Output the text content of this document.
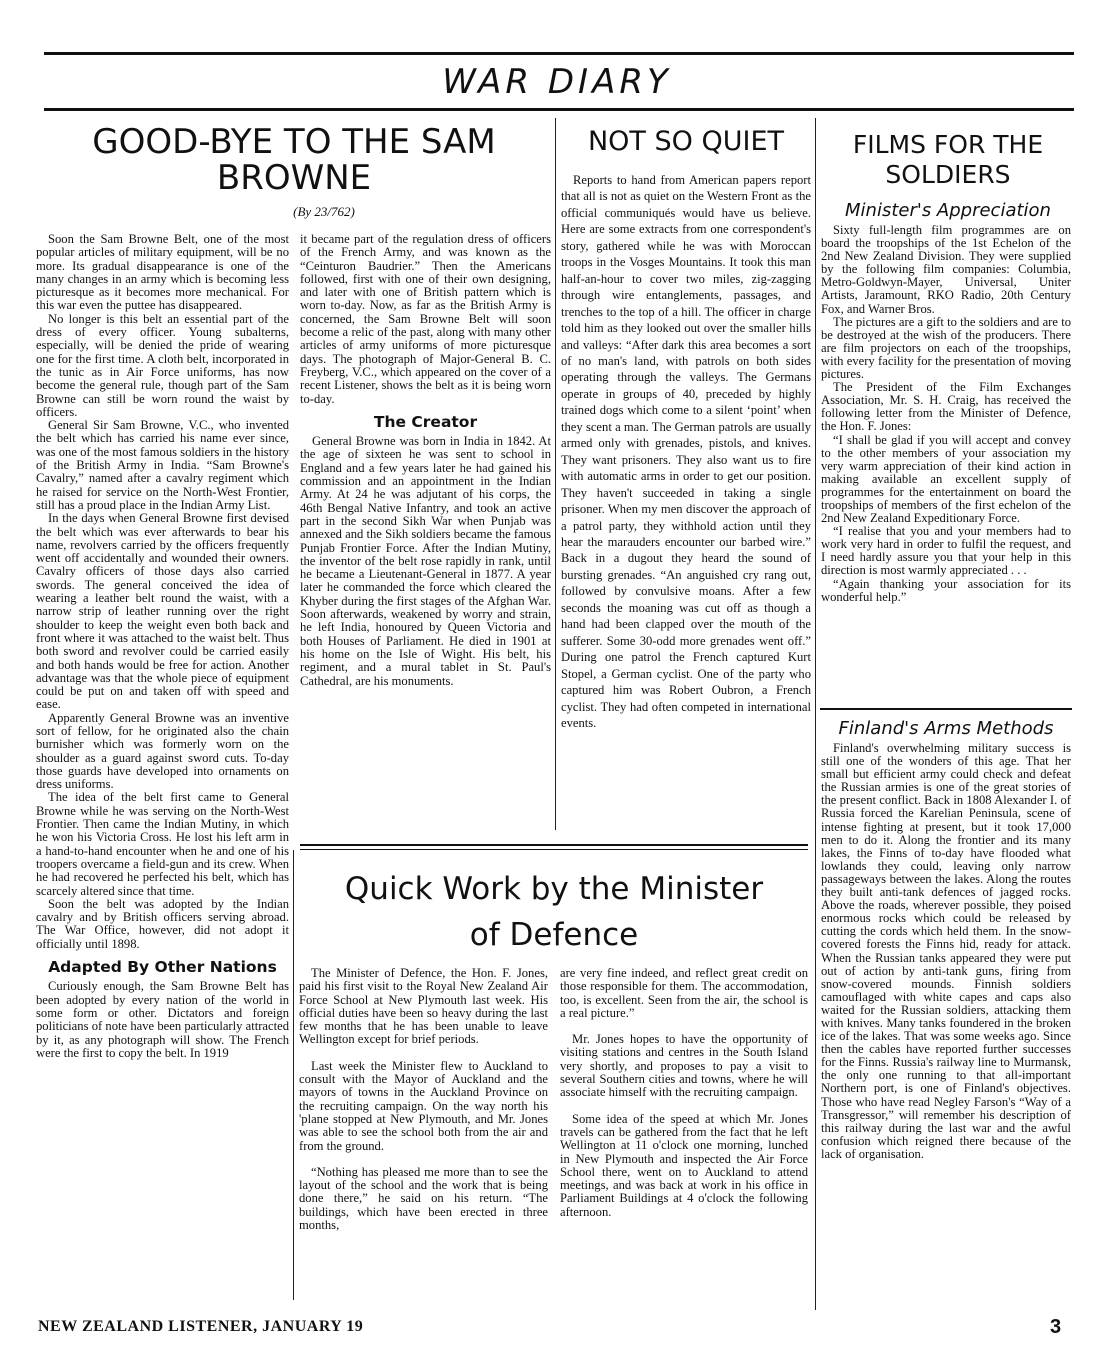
WAR DIARY
GOOD-BYE TO THE SAM BROWNE
(By 23/762)

Soon the Sam Browne Belt, one of the most popular articles of military equipment, will be no more. Its gradual disappearance is one of the many changes in an army which is becoming less picturesque as it becomes more mechanical. For this war even the puttee has disappeared.

No longer is this belt an essential part of the dress of every officer. Young subalterns, especially, will be denied the pride of wearing one for the first time. A cloth belt, incorporated in the tunic as in Air Force uniforms, has now become the general rule, though part of the Sam Browne can still be worn round the waist by officers.

General Sir Sam Browne, V.C., who invented the belt which has carried his name ever since, was one of the most famous soldiers in the history of the British Army in India. “Sam Browne's Cavalry,” named after a cavalry regiment which he raised for service on the North-West Frontier, still has a proud place in the Indian Army List.

In the days when General Browne first devised the belt which was ever afterwards to bear his name, revolvers carried by the officers frequently went off accidentally and wounded their owners. Cavalry officers of those days also carried swords. The general conceived the idea of wearing a leather belt round the waist, with a narrow strip of leather running over the right shoulder to keep the weight even both back and front where it was attached to the waist belt. Thus both sword and revolver could be carried easily and both hands would be free for action. Another advantage was that the whole piece of equipment could be put on and taken off with speed and ease.

Apparently General Browne was an inventive sort of fellow, for he originated also the chain burnisher which was formerly worn on the shoulder as a guard against sword cuts. To-day those guards have developed into ornaments on dress uniforms.

The idea of the belt first came to General Browne while he was serving on the North-West Frontier. Then came the Indian Mutiny, in which he won his Victoria Cross. He lost his left arm in a hand-to-hand encounter when he and one of his troopers overcame a field-gun and its crew. When he had recovered he perfected his belt, which has scarcely altered since that time.

Soon the belt was adopted by the Indian cavalry and by British officers serving abroad. The War Office, however, did not adopt it officially until 1898.

Adapted By Other Nations

Curiously enough, the Sam Browne Belt has been adopted by every nation of the world in some form or other. Dictators and foreign politicians of note have been particularly attracted by it, as any photograph will show. The French were the first to copy the belt. In 1919

it became part of the regulation dress of officers of the French Army, and was known as the “Ceinturon Baudrier.” Then the Americans followed, first with one of their own designing, and later with one of British pattern which is worn to-day. Now, as far as the British Army is concerned, the Sam Browne Belt will soon become a relic of the past, along with many other articles of army uniforms of more picturesque days. The photograph of Major-General B. C. Freyberg, V.C., which appeared on the cover of a recent Listener, shows the belt as it is being worn to-day.

The Creator

General Browne was born in India in 1842. At the age of sixteen he was sent to school in England and a few years later he had gained his commission and an appointment in the Indian Army. At 24 he was adjutant of his corps, the 46th Bengal Native Infantry, and took an active part in the second Sikh War when Punjab was annexed and the Sikh soldiers became the famous Punjab Frontier Force. After the Indian Mutiny, the inventor of the belt rose rapidly in rank, until he became a Lieutenant-General in 1877. A year later he commanded the force which cleared the Khyber during the first stages of the Afghan War. Soon afterwards, weakened by worry and strain, he left India, honoured by Queen Victoria and both Houses of Parliament. He died in 1901 at his home on the Isle of Wight. His belt, his regiment, and a mural tablet in St. Paul's Cathedral, are his monuments.

NOT SO QUIET

Reports to hand from American papers report that all is not as quiet on the Western Front as the official communiqués would have us believe. Here are some extracts from one correspondent's story, gathered while he was with Moroccan troops in the Vosges Mountains. It took this man half-an-hour to cover two miles, zig-zagging through wire entanglements, passages, and trenches to the top of a hill. The officer in charge told him as they looked out over the smaller hills and valleys: “After dark this area becomes a sort of no man's land, with patrols on both sides operating through the valleys. The Germans operate in groups of 40, preceded by highly trained dogs which come to a silent ‘point’ when they scent a man. The German patrols are usually armed only with grenades, pistols, and knives. They want prisoners. They also want us to fire with automatic arms in order to get our position. They haven't succeeded in taking a single prisoner. When my men discover the approach of a patrol party, they withhold action until they hear the marauders encounter our barbed wire.” Back in a dugout they heard the sound of bursting grenades. “An anguished cry rang out, followed by convulsive moans. After a few seconds the moaning was cut off as though a hand had been clapped over the mouth of the sufferer. Some 30-odd more grenades went off.” During one patrol the French captured Kurt Stopel, a German cyclist. One of the party who captured him was Robert Oubron, a French cyclist. They had often competed in international events.

FILMS FOR THE SOLDIERS
Minister's Appreciation

Sixty full-length film programmes are on board the troopships of the 1st Echelon of the 2nd New Zealand Division. They were supplied by the following film companies: Columbia, Metro-Goldwyn-Mayer, Universal, Uniter Artists, Jaramount, RKO Radio, 20th Century Fox, and Warner Bros.

The pictures are a gift to the soldiers and are to be destroyed at the wish of the producers. There are film projectors on each of the troopships, with every facility for the presentation of moving pictures.

The President of the Film Exchanges Association, Mr. S. H. Craig, has received the following letter from the Minister of Defence, the Hon. F. Jones:

“I shall be glad if you will accept and convey to the other members of your association my very warm appreciation of their kind action in making available an excellent supply of programmes for the entertainment on board the troopships of members of the first echelon of the 2nd New Zealand Expeditionary Force.

“I realise that you and your members had to work very hard in order to fulfil the request, and I need hardly assure you that your help in this direction is most warmly appreciated . . .

“Again thanking your association for its wonderful help.”

Finland's Arms Methods

Finland's overwhelming military success is still one of the wonders of this age. That her small but efficient army could check and defeat the Russian armies is one of the great stories of the present conflict. Back in 1808 Alexander I. of Russia forced the Karelian Peninsula, scene of intense fighting at present, but it took 17,000 men to do it. Along the frontier and its many lakes, the Finns of to-day have flooded what lowlands they could, leaving only narrow passageways between the lakes. Along the routes they built anti-tank defences of jagged rocks. Above the roads, wherever possible, they poised enormous rocks which could be released by cutting the cords which held them. In the snow-covered forests the Finns hid, ready for attack. When the Russian tanks appeared they were put out of action by anti-tank guns, firing from snow-covered mounds. Finnish soldiers camouflaged with white capes and caps also waited for the Russian soldiers, attacking them with knives. Many tanks foundered in the broken ice of the lakes. That was some weeks ago. Since then the cables have reported further successes for the Finns. Russia's railway line to Murmansk, the only one running to that all-important Northern port, is one of Finland's objectives. Those who have read Negley Farson's “Way of a Transgressor,” will remember his description of this railway during the last war and the awful confusion which reigned there because of the lack of organisation.

Quick Work by the Minister
of Defence

The Minister of Defence, the Hon. F. Jones, paid his first visit to the Royal New Zealand Air Force School at New Plymouth last week. His official duties have been so heavy during the last few months that he has been unable to leave Wellington except for brief periods.

Last week the Minister flew to Auckland to consult with the Mayor of Auckland and the mayors of towns in the Auckland Province on the recruiting campaign. On the way north his 'plane stopped at New Plymouth, and Mr. Jones was able to see the school both from the air and from the ground.

“Nothing has pleased me more than to see the layout of the school and the work that is being done there,” he said on his return. “The buildings, which have been erected in three months,

are very fine indeed, and reflect great credit on those responsible for them. The accommodation, too, is excellent. Seen from the air, the school is a real picture.”

Mr. Jones hopes to have the opportunity of visiting stations and centres in the South Island very shortly, and proposes to pay a visit to several Southern cities and towns, where he will associate himself with the recruiting campaign.

Some idea of the speed at which Mr. Jones travels can be gathered from the fact that he left Wellington at 11 o'clock one morning, lunched in New Plymouth and inspected the Air Force School there, went on to Auckland to attend meetings, and was back at work in his office in Parliament Buildings at 4 o'clock the following afternoon.

NEW ZEALAND LISTENER, JANUARY 19	3
